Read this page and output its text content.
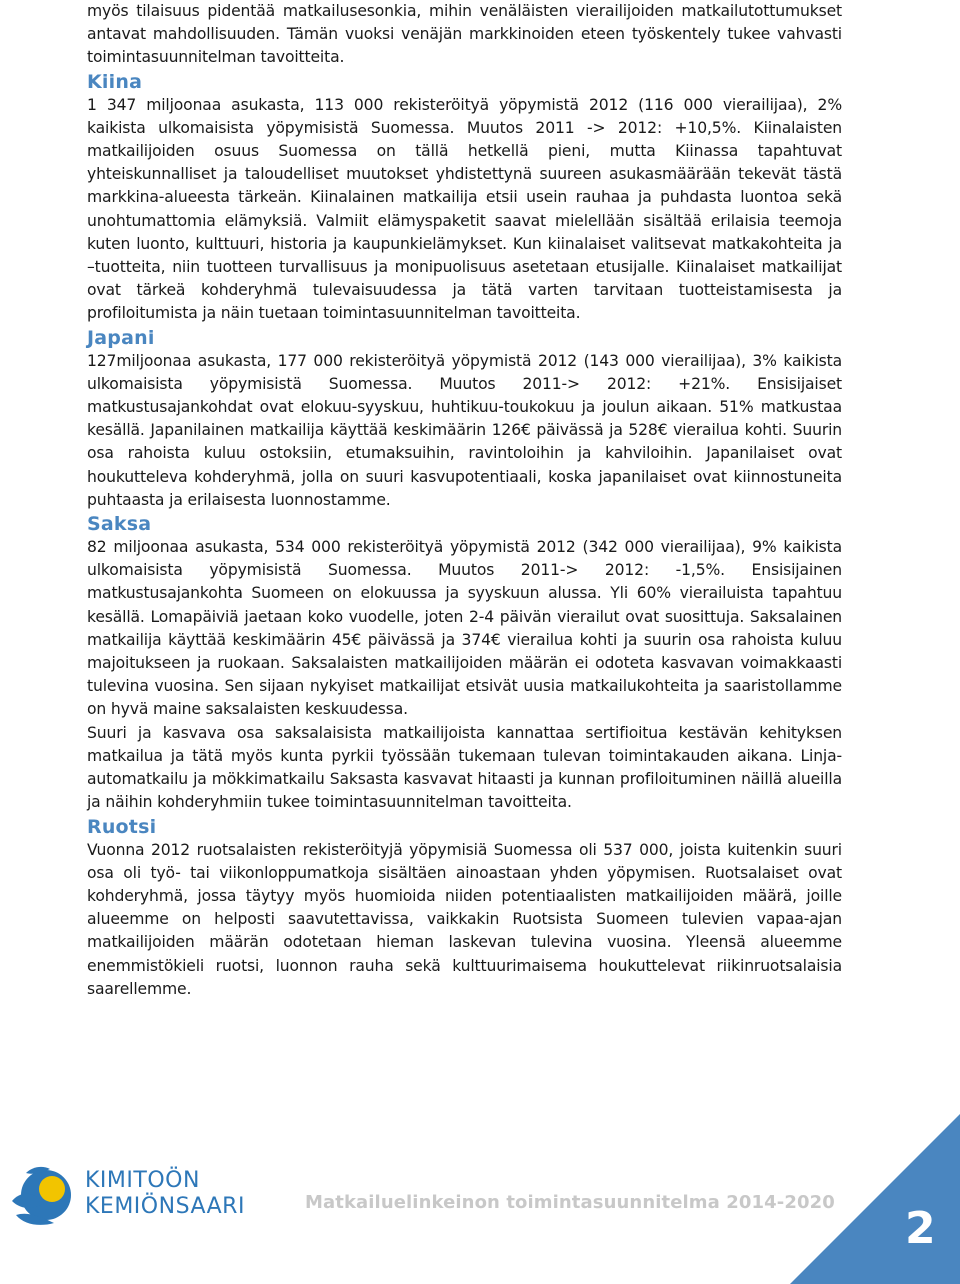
myös tilaisuus pidentää matkailusesonkia, mihin venäläisten vierailijoiden matkailutottumukset antavat mahdollisuuden. Tämän vuoksi venäjän markkinoiden eteen työskentely tukee vahvasti toimintasuunnitelman tavoitteita.

Kiina

1 347 miljoonaa asukasta, 113 000 rekisteröityä yöpymistä 2012 (116 000 vierailijaa), 2% kaikista ulkomaisista yöpymisistä Suomessa. Muutos 2011 -> 2012: +10,5%. Kiinalaisten matkailijoiden osuus Suomessa on tällä hetkellä pieni, mutta Kiinassa tapahtuvat yhteiskunnalliset ja taloudelliset muutokset yhdistettynä suureen asukasmäärään tekevät tästä markkina-alueesta tärkeän. Kiinalainen matkailija etsii usein rauhaa ja puhdasta luontoa sekä unohtumattomia elämyksiä. Valmiit elämyspaketit saavat mielellään sisältää erilaisia teemoja kuten luonto, kulttuuri, historia ja kaupunkielämykset. Kun kiinalaiset valitsevat matkakohteita ja –tuotteita, niin tuotteen turvallisuus ja monipuolisuus asetetaan etusijalle. Kiinalaiset matkailijat ovat tärkeä kohderyhmä tulevaisuudessa ja tätä varten tarvitaan tuotteistamisesta ja profiloitumista ja näin tuetaan toimintasuunnitelman tavoitteita.

Japani

127miljoonaa asukasta, 177 000 rekisteröityä yöpymistä 2012 (143 000 vierailijaa), 3% kaikista ulkomaisista yöpymisistä Suomessa. Muutos 2011-> 2012: +21%. Ensisijaiset matkustusajankohdat ovat elokuu-syyskuu, huhtikuu-toukokuu ja joulun aikaan. 51% matkustaa kesällä. Japanilainen matkailija käyttää keskimäärin 126€ päivässä ja 528€ vierailua kohti. Suurin osa rahoista kuluu ostoksiin, etumaksuihin, ravintoloihin ja kahviloihin. Japanilaiset ovat houkutteleva kohderyhmä, jolla on suuri kasvupotentiaali, koska japanilaiset ovat kiinnostuneita puhtaasta ja erilaisesta luonnostamme.

Saksa

82 miljoonaa asukasta, 534 000 rekisteröityä yöpymistä 2012 (342 000 vierailijaa), 9% kaikista ulkomaisista yöpymisistä Suomessa. Muutos 2011-> 2012: -1,5%. Ensisijainen matkustusajankohta Suomeen on elokuussa ja syyskuun alussa. Yli 60% vierailuista tapahtuu kesällä. Lomapäiviä jaetaan koko vuodelle, joten 2-4 päivän vierailut ovat suosittuja. Saksalainen matkailija käyttää keskimäärin 45€ päivässä ja 374€ vierailua kohti ja suurin osa rahoista kuluu majoitukseen ja ruokaan. Saksalaisten matkailijoiden määrän ei odoteta kasvavan voimakkaasti tulevina vuosina. Sen sijaan nykyiset matkailijat etsivät uusia matkailukohteita ja saaristollamme on hyvä maine saksalaisten keskuudessa.

Suuri ja kasvava osa saksalaisista matkailijoista kannattaa sertifioitua kestävän kehityksen matkailua ja tätä myös kunta pyrkii työssään tukemaan tulevan toimintakauden aikana. Linja-automatkailu ja mökkimatkailu Saksasta kasvavat hitaasti ja kunnan profiloituminen näillä alueilla ja näihin kohderyhmiin tukee toimintasuunnitelman tavoitteita.

Ruotsi

Vuonna 2012 ruotsalaisten rekisteröityjä yöpymisiä Suomessa oli 537 000, joista kuitenkin suuri osa oli työ- tai viikonloppumatkoja sisältäen ainoastaan yhden yöpymisen. Ruotsalaiset ovat kohderyhmä, jossa täytyy myös huomioida niiden potentiaalisten matkailijoiden määrä, joille alueemme on helposti saavutettavissa, vaikkakin Ruotsista Suomeen tulevien vapaa-ajan matkailijoiden määrän odotetaan hieman laskevan tulevina vuosina. Yleensä alueemme enemmistökieli ruotsi, luonnon rauha sekä kulttuurimaisema houkuttelevat riikinruotsalaisia saarellemme.

KIMITOÖN
KEMIÖNSAARI	Matkailuelinkeinon toimintasuunnitelma 2014-2020
2
